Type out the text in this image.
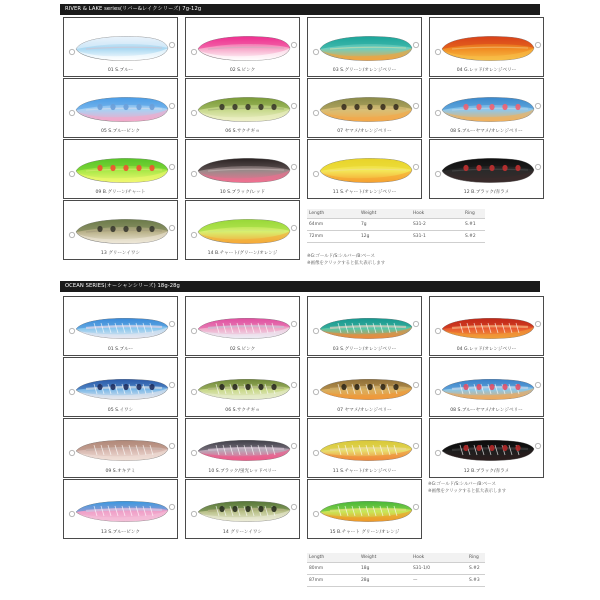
RIVER & LAKE series(リバー&レイクシリーズ) 7g-12g
01 S.ブルー	02 S.ピンク	03 S.グリーン/オレンジベリー	04 G.レッド/オレンジベリー
05 S.ブルーピンク	06 S.サクチギョ	07 ヤマメ/オレンジベリー	08 S.ブルーヤマメ/オレンジベリー
09 B.グリーン/チャート	10 S.ブラック/レッド	11 S.チャート/オレンジベリー	12 B.ブラック/赤ラメ
13 グリーンイワシ	14 B.チャート/グリーン/オレンジ
Length	Weight	Hook	Ring
64mm	7g	S31-2	S.#1
72mm	12g	S31-1	S.#2
※G:ゴールド/S:シルバー/B:ベース
※画像をクリックすると拡大表示します
OCEAN SERIES(オーシャンシリーズ) 18g-28g
01 S.ブルー	02 S.ピンク	03 S.グリーン/オレンジベリー	04 G.レッド/オレンジベリー
05 S.イワシ	06 S.サクチギョ	07 ヤマメ/オレンジベリー	08 S.ブルーヤマメ/オレンジベリー
09 S.オキアミ	10 S.ブラック/蛍光レッドベリー	11 S.チャート/オレンジベリー	12 B.ブラック/赤ラメ
13 S.ブルーピンク	14 グリーンイワシ	15 B.チャート グリーン/オレンジ
※G:ゴールド/S:シルバー/B:ベース
※画像をクリックすると拡大表示します
Length	Weight	Hook	Ring
80mm	18g	S31-1/0	S.#2
87mm	28g	—	S.#3
